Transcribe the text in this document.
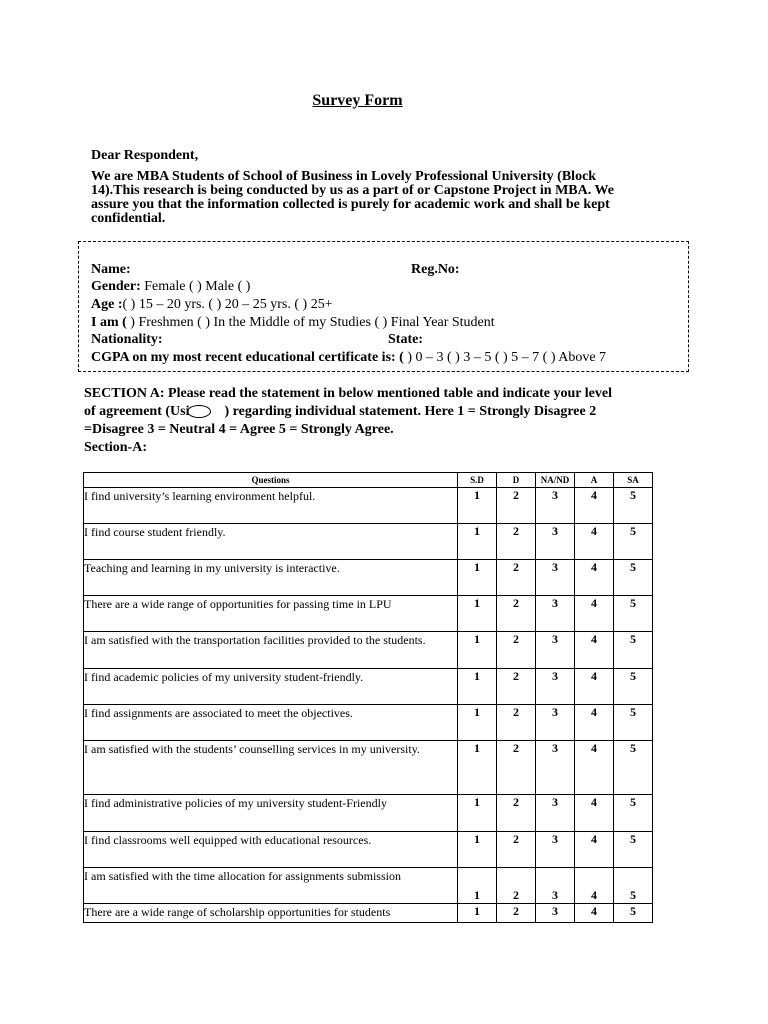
Survey Form
Dear Respondent,
We are MBA Students of School of Business in Lovely Professional University (Block
14).This research is being conducted by us as a part of or Capstone Project in MBA. We
assure you that the information collected is purely for academic work and shall be kept
confidential.
Name:	Reg.No:
Gender: Female ( ) Male ( )
Age :( ) 15 – 20 yrs. ( ) 20 – 25 yrs. ( ) 25+
I am ( ) Freshmen ( ) In the Middle of my Studies ( ) Final Year Student
Nationality:	State:
CGPA on my most recent educational certificate is: ( ) 0 – 3 ( ) 3 – 5 ( ) 5 – 7 ( ) Above 7
SECTION A: Please read the statement in below mentioned table and indicate your level
of agreement (Usi	) regarding individual statement. Here 1 = Strongly Disagree 2
=Disagree 3 = Neutral 4 = Agree 5 = Strongly Agree.
Section-A:
Questions	S.D	D	NA/ND	A	SA
I find university’s learning environment helpful.	1	2	3	4	5
I find course student friendly.	1	2	3	4	5
Teaching and learning in my university is interactive.	1	2	3	4	5
There are a wide range of opportunities for passing time in LPU	1	2	3	4	5
I am satisfied with the transportation facilities provided to the students.	1	2	3	4	5
I find academic policies of my university student-friendly.	1	2	3	4	5
I find assignments are associated to meet the objectives.	1	2	3	4	5
I am satisfied with the students’ counselling services in my university.	1	2	3	4	5
I find administrative policies of my university student-Friendly	1	2	3	4	5
I find classrooms well equipped with educational resources.	1	2	3	4	5
I am satisfied with the time allocation for assignments submission	1	2	3	4	5
There are a wide range of scholarship opportunities for students	1	2	3	4	5
